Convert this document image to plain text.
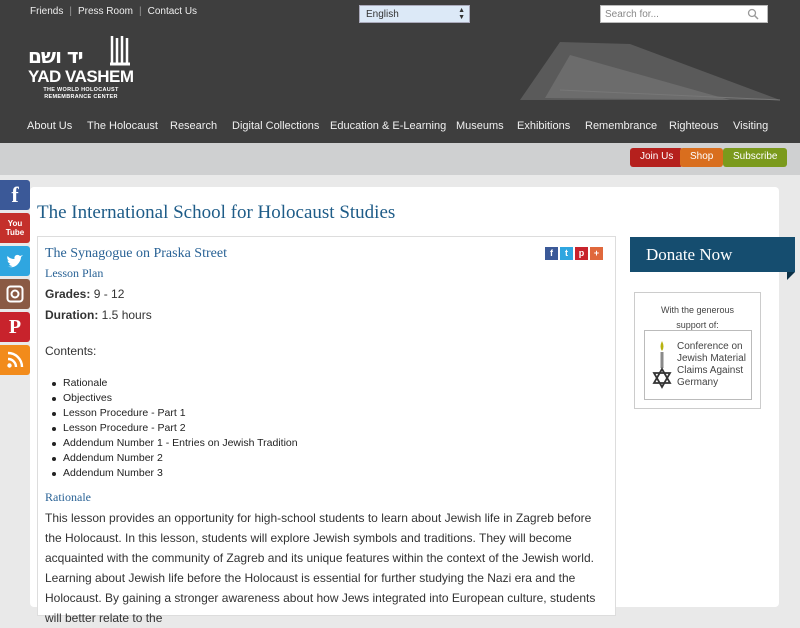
Friends | Press Room | Contact Us	English	▲
▼	Search for...
יד ושם
YAD VASHEM
THE WORLD HOLOCAUST
REMEMBRANCE CENTER
About Us The Holocaust Research Digital Collections Education & E-Learning Museums Exhibitions Remembrance Righteous Visiting
Join Us	Shop	Subscribe
f
You
Tube
P
The International School for Holocaust Studies
The Synagogue on Praska Street
Lesson Plan
f	t	p	+
Grades: 9 - 12
Duration: 1.5 hours
Contents:
Rationale
Objectives
Lesson Procedure - Part 1
Lesson Procedure - Part 2
Addendum Number 1 - Entries on Jewish Tradition
Addendum Number 2
Addendum Number 3
Rationale
This lesson provides an opportunity for high-school students to learn about Jewish life in Zagreb before the Holocaust. In this lesson, students will explore Jewish symbols and traditions. They will become acquainted with the community of Zagreb and its unique features within the context of the Jewish world. Learning about Jewish life before the Holocaust is essential for further studying the Nazi era and the Holocaust. By gaining a stronger awareness about how Jews integrated into European culture, students will better relate to the
Donate Now
With the generous
support of:
Conference on
Jewish Material
Claims Against
Germany
